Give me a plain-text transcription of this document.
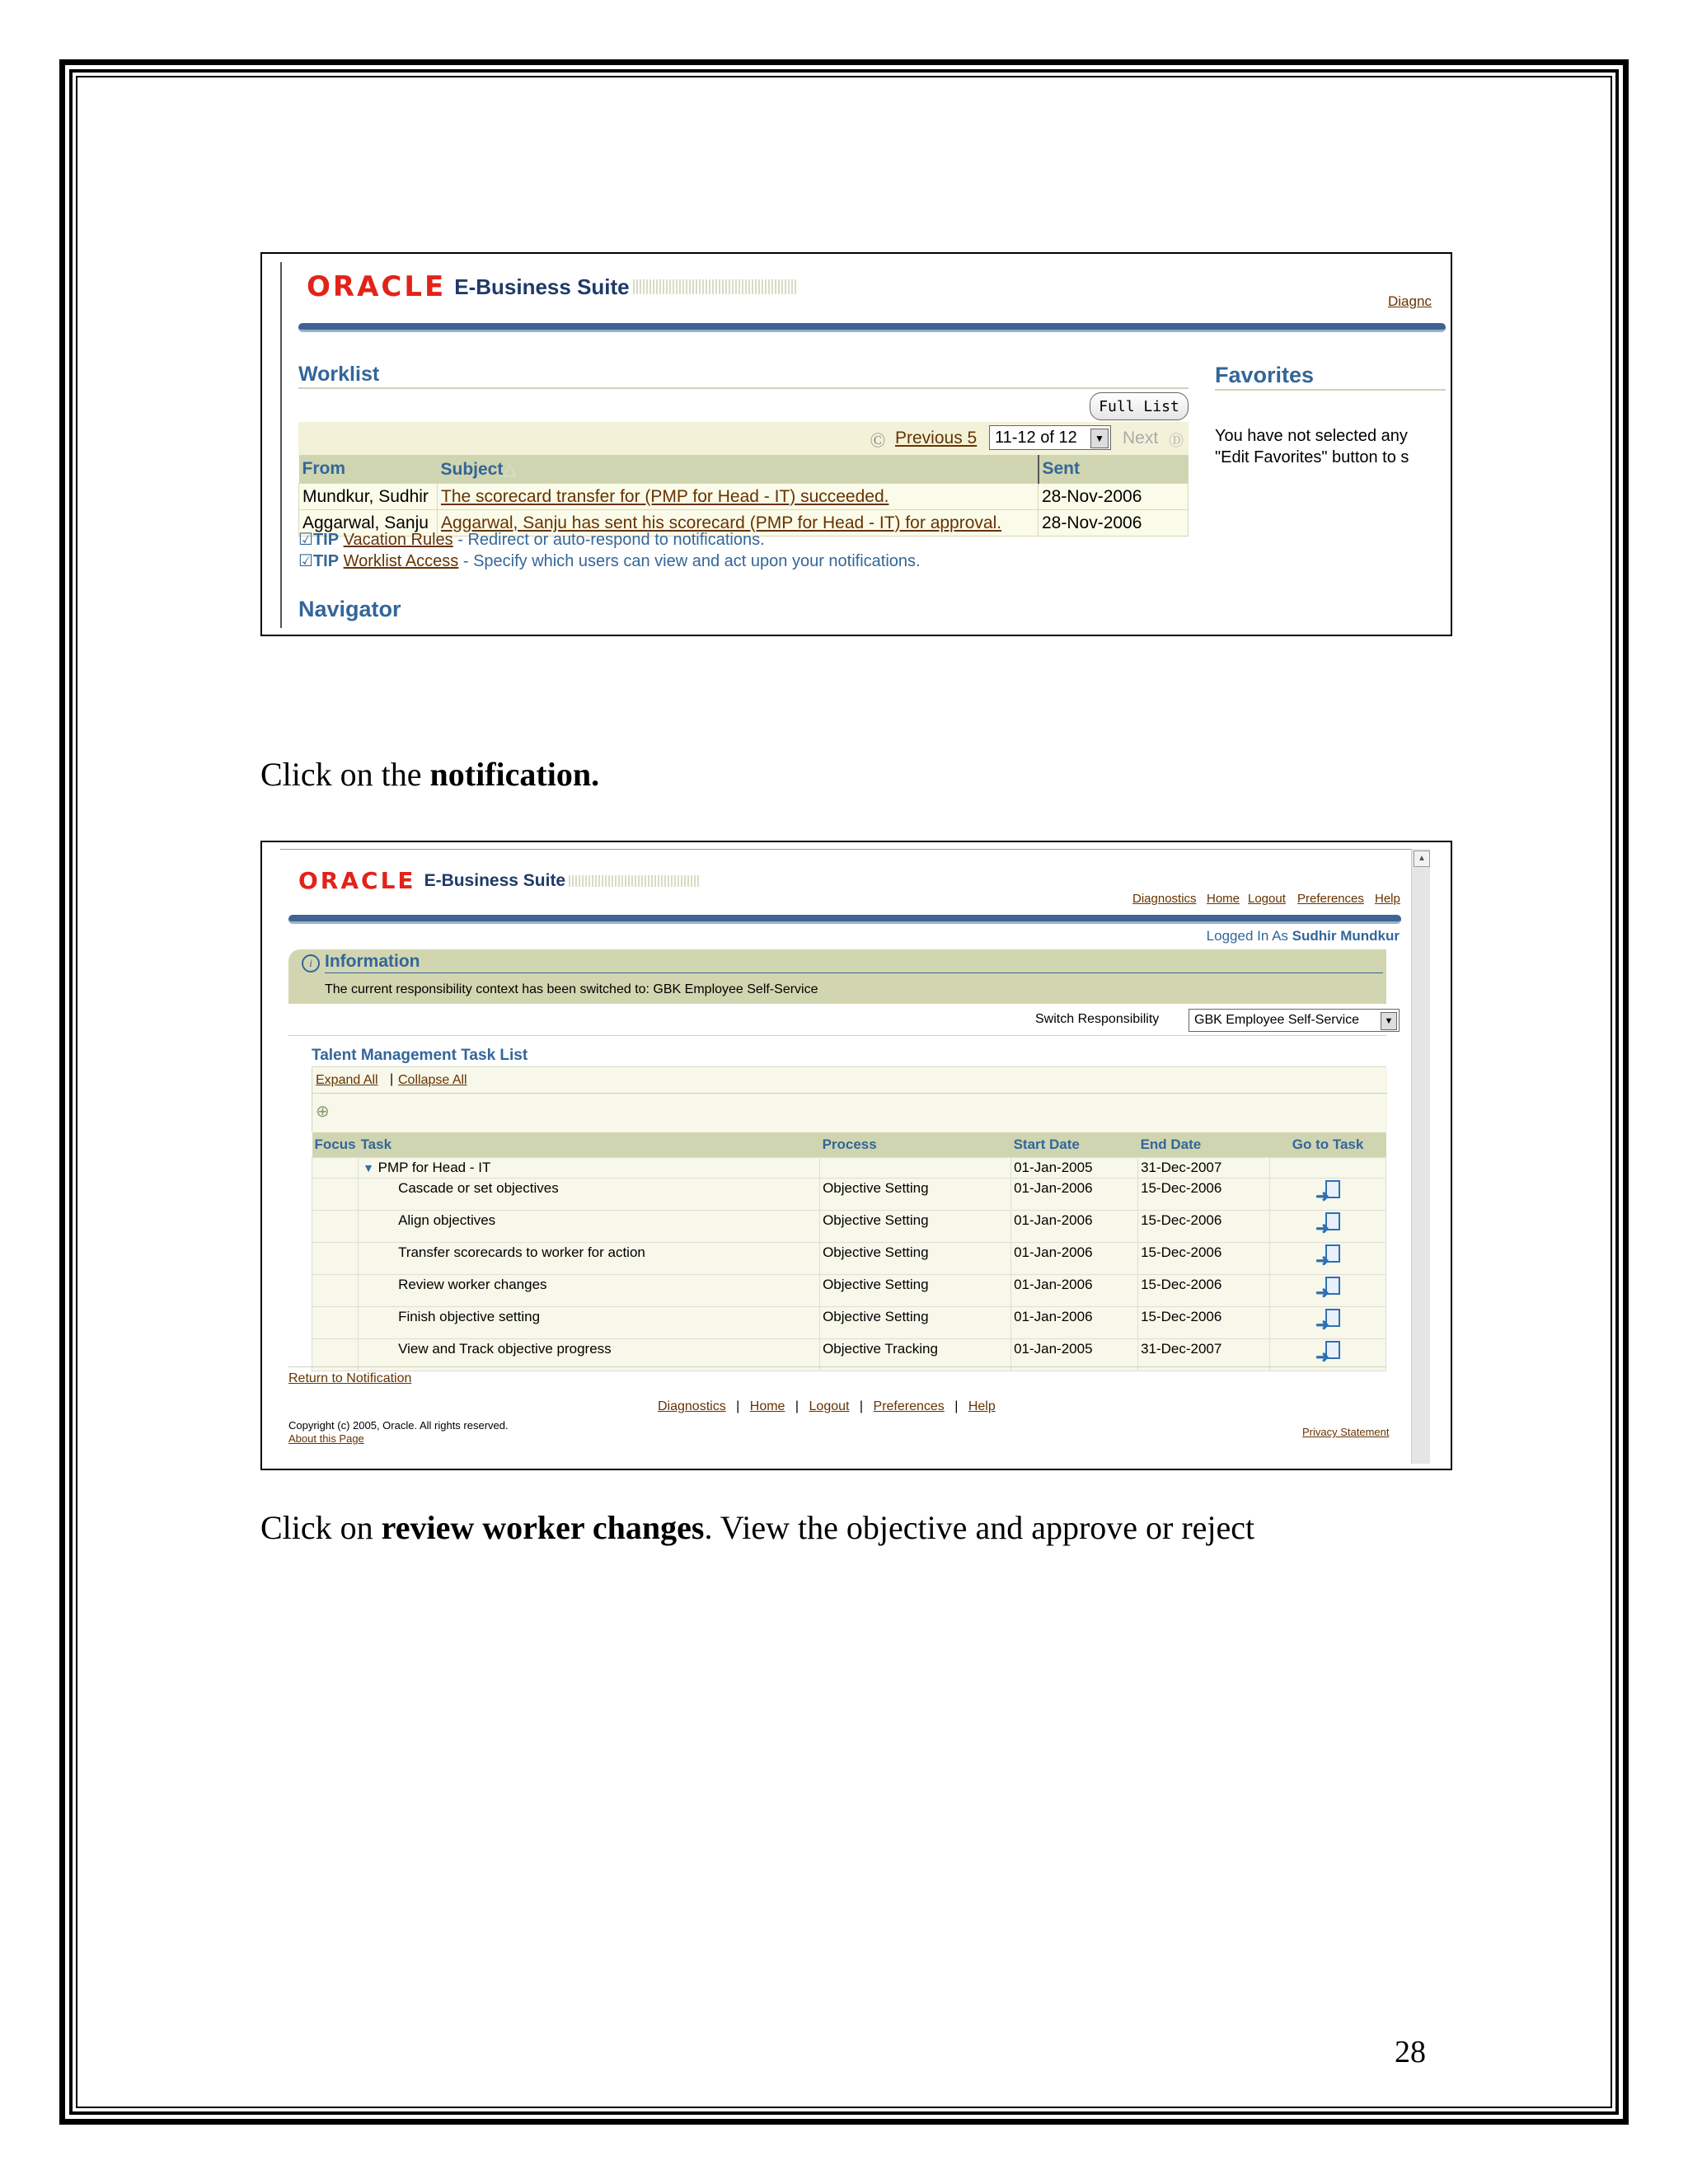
ORACLE E-Business Suite
Diagnc
Worklist	Favorites
You have not selected any
"Edit Favorites" button to s
Full List
Ⓒ Previous 5 11-12 of 12	▼ Next Ⓓ
From	Subject△	Sent
Mundkur, Sudhir	The scorecard transfer for (PMP for Head - IT) succeeded.	28-Nov-2006
Aggarwal, Sanju	Aggarwal, Sanju has sent his scorecard (PMP for Head - IT) for approval.	28-Nov-2006
☑TIP Vacation Rules - Redirect or auto-respond to notifications.
☑TIP Worklist Access - Specify which users can view and act upon your notifications.
Navigator
Click on the notification.
▲
ORACLE E-Business Suite
Diagnostics Home Logout Preferences Help
Logged In As Sudhir Mundkur
i Information
The current responsibility context has been switched to: GBK Employee Self-Service
Switch Responsibility	GBK Employee Self-Service	▼
Talent Management Task List
Expand All | Collapse All
⊕
Focus	Task	Process	Start Date	End Date	Go to Task
	▼ PMP for Head - IT		01-Jan-2005	31-Dec-2007	
	Cascade or set objectives	Objective Setting	01-Jan-2006	15-Dec-2006	➜

	Align objectives	Objective Setting	01-Jan-2006	15-Dec-2006	➜

	Transfer scorecards to worker for action	Objective Setting	01-Jan-2006	15-Dec-2006	➜

	Review worker changes	Objective Setting	01-Jan-2006	15-Dec-2006	➜

	Finish objective setting	Objective Setting	01-Jan-2006	15-Dec-2006	➜

	View and Track objective progress	Objective Tracking	01-Jan-2005	31-Dec-2007	➜
Return to Notification
Diagnostics | Home | Logout | Preferences | Help
Copyright (c) 2005, Oracle. All rights reserved.
About this Page
Privacy Statement
Click on review worker changes. View the objective and approve or reject
28
